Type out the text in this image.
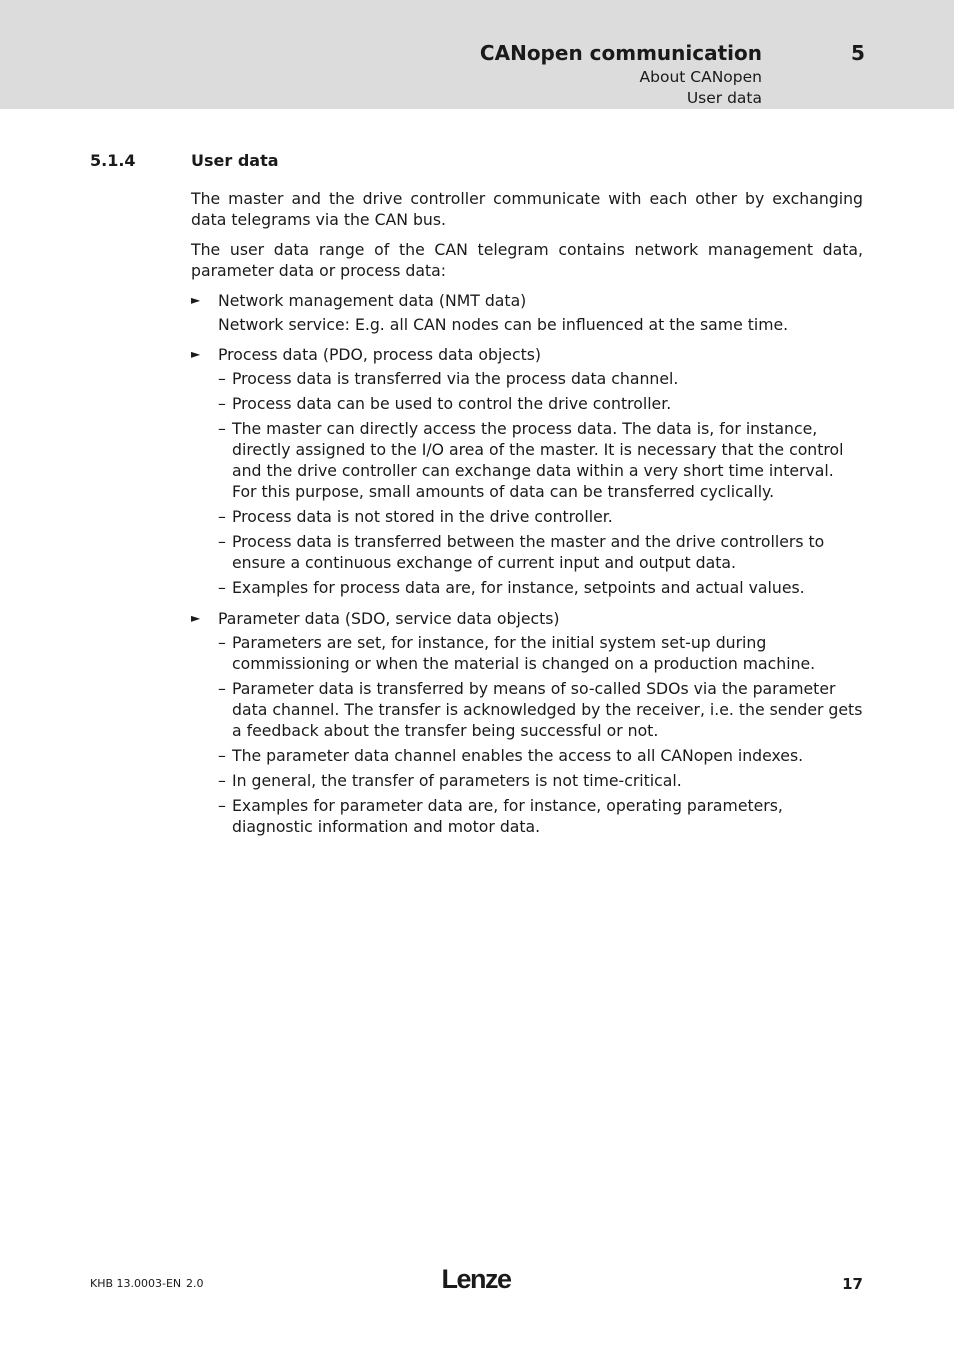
CANopen communication	5
About CANopen
User data
5.1.4	User data

The master and the drive controller communicate with each other by exchanging data telegrams via the CAN bus.

The user data range of the CAN telegram contains network management data, parameter data or process data:

► Network management data (NMT data)

Network service: E.g. all CAN nodes can be influenced at the same time.

► Process data (PDO, process data objects)

– Process data is transferred via the process data channel.
– Process data can be used to control the drive controller.
– The master can directly access the process data. The data is, for instance, directly assigned to the I/O area of the master. It is necessary that the control and the drive controller can exchange data within a very short time interval. For this purpose, small amounts of data can be transferred cyclically.
– Process data is not stored in the drive controller.
– Process data is transferred between the master and the drive controllers to ensure a continuous exchange of current input and output data.
– Examples for process data are, for instance, setpoints and actual values.

► Parameter data (SDO, service data objects)

– Parameters are set, for instance, for the initial system set-up during commissioning or when the material is changed on a production machine.
– Parameter data is transferred by means of so-called SDOs via the parameter data channel. The transfer is acknowledged by the receiver, i.e. the sender gets a feedback about the transfer being successful or not.
– The parameter data channel enables the access to all CANopen indexes.
– In general, the transfer of parameters is not time-critical.
– Examples for parameter data are, for instance, operating parameters, diagnostic information and motor data.
KHB 13.0003-EN 2.0	Lenze	17
